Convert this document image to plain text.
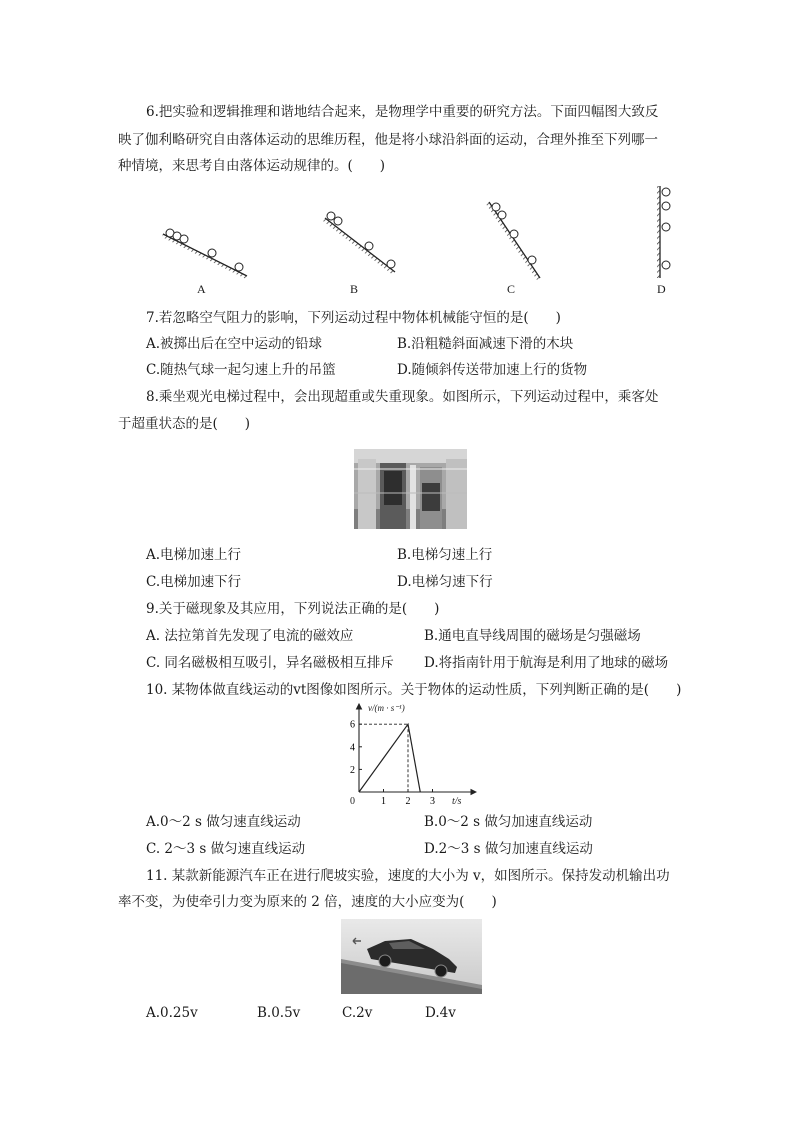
6.把实验和逻辑推理和谐地结合起来，是物理学中重要的研究方法。下面四幅图大致反
映了伽利略研究自由落体运动的思维历程，他是将小球沿斜面的运动，合理外推至下列哪一
种情境，来思考自由落体运动规律的。(　　)
A	B	C	D
7.若忽略空气阻力的影响，下列运动过程中物体机械能守恒的是(　　)
A.被掷出后在空中运动的铅球	B.沿粗糙斜面减速下滑的木块
C.随热气球一起匀速上升的吊篮	D.随倾斜传送带加速上行的货物
8.乘坐观光电梯过程中，会出现超重或失重现象。如图所示，下列运动过程中，乘客处
于超重状态的是(　　)
A.电梯加速上行	B.电梯匀速上行
C.电梯加速下行	D.电梯匀速下行
9.关于磁现象及其应用，下列说法正确的是(　　)
A. 法拉第首先发现了电流的磁效应	B.通电直导线周围的磁场是匀强磁场
C. 同名磁极相互吸引，异名磁极相互排斥 D.将指南针用于航海是利用了地球的磁场
10. 某物体做直线运动的vt图像如图所示。关于物体的运动性质，下列判断正确的是(　　)
1 2 3
2
4
6
0
v/(m · s⁻¹)
t/s
A.0～2 s 做匀速直线运动	B.0～2 s 做匀加速直线运动
C. 2～3 s 做匀速直线运动	D.2～3 s 做匀加速直线运动
11. 某款新能源汽车正在进行爬坡实验，速度的大小为 v，如图所示。保持发动机输出功
率不变，为使牵引力变为原来的 2 倍，速度的大小应变为(　　)
A.0.25v	B.0.5v	C.2v	D.4v
